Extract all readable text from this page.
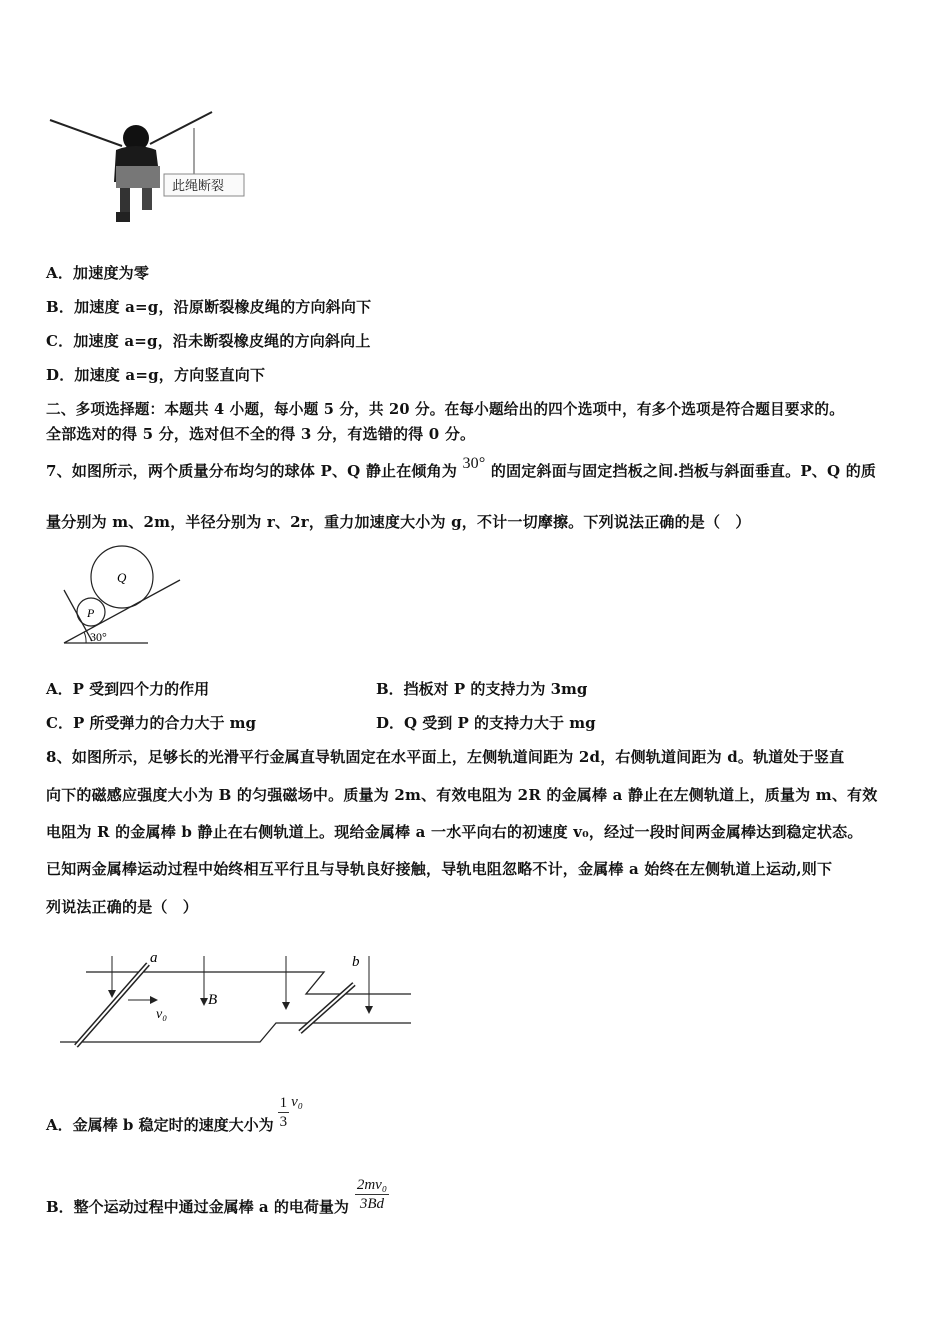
此绳断裂
A．加速度为零
B．加速度 a=g，沿原断裂橡皮绳的方向斜向下
C．加速度 a=g，沿未断裂橡皮绳的方向斜向上
D．加速度 a=g，方向竖直向下
二、多项选择题：本题共 4 小题，每小题 5 分，共 20 分。在每小题给出的四个选项中，有多个选项是符合题目要求的。
全部选对的得 5 分，选对但不全的得 3 分，有选错的得 0 分。
7、如图所示，两个质量分布均匀的球体 P、Q 静止在倾角为 30° 的固定斜面与固定挡板之间.挡板与斜面垂直。P、Q 的质
量分别为 m、2m，半径分别为 r、2r，重力加速度大小为 g，不计一切摩擦。下列说法正确的是（　）
Q
P
30°
A．P 受到四个力的作用	B．挡板对 P 的支持力为 3mg
C．P 所受弹力的合力大于 mg	D．Q 受到 P 的支持力大于 mg
8、如图所示，足够长的光滑平行金属直导轨固定在水平面上，左侧轨道间距为 2d，右侧轨道间距为 d。轨道处于竖直
向下的磁感应强度大小为 B 的匀强磁场中。质量为 2m、有效电阻为 2R 的金属棒 a 静止在左侧轨道上，质量为 m、有效
电阻为 R 的金属棒 b 静止在右侧轨道上。现给金属棒 a 一水平向右的初速度 v₀，经过一段时间两金属棒达到稳定状态。
已知两金属棒运动过程中始终相互平行且与导轨良好接触，导轨电阻忽略不计，金属棒 a 始终在左侧轨道上运动,则下
列说法正确的是（　）
a	b
v₀
B
A．金属棒 b 稳定时的速度大小为 $\frac{1}{3} v_0$
B．整个运动过程中通过金属棒 a 的电荷量为 $\frac{\text{2mv₀}}{3Bd}$
